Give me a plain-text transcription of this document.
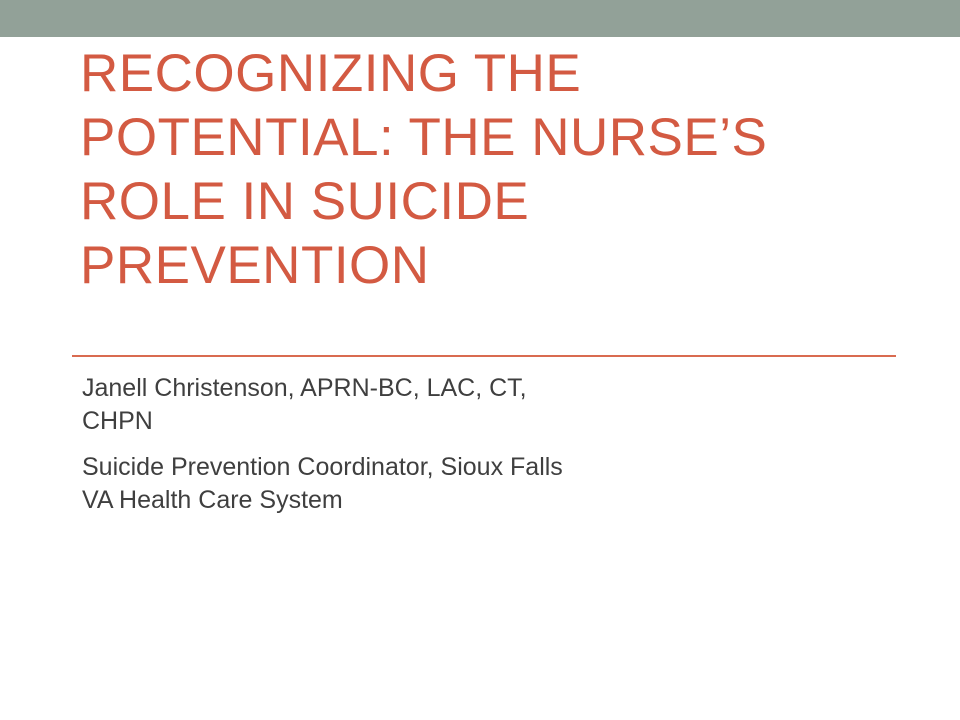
RECOGNIZING THE
POTENTIAL: THE NURSE’S
ROLE IN SUICIDE
PREVENTION

Janell Christenson, APRN-BC, LAC, CT,
CHPN

Suicide Prevention Coordinator, Sioux Falls
VA Health Care System
